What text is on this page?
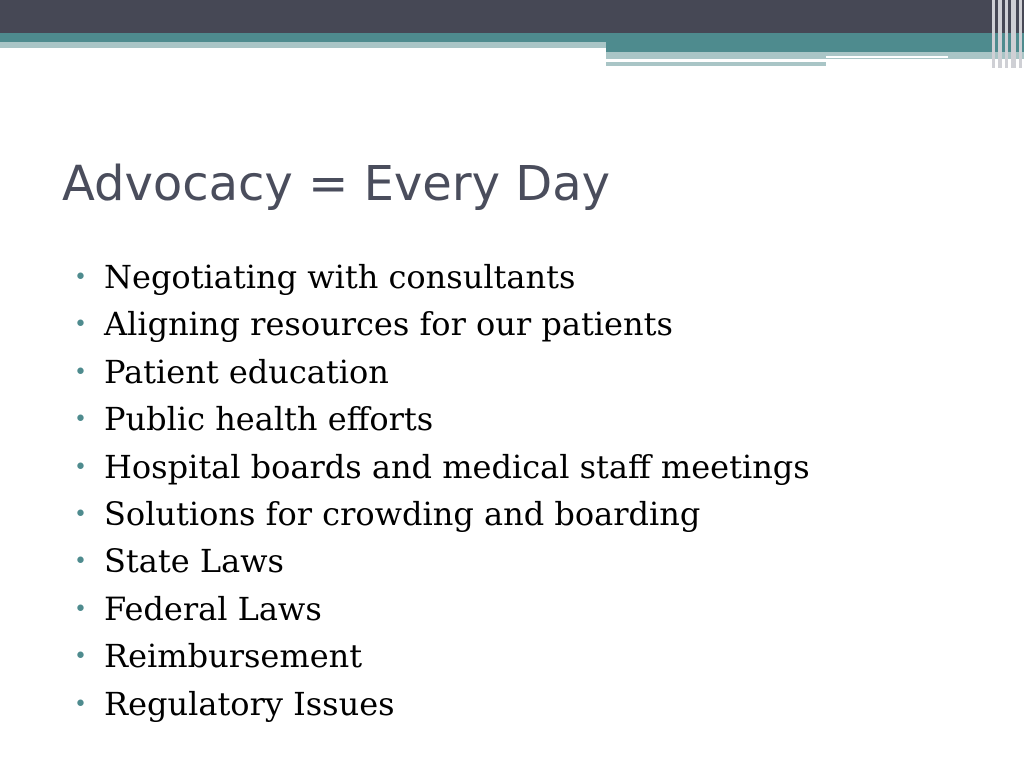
Advocacy = Every Day
• Negotiating with consultants
• Aligning resources for our patients
• Patient education
• Public health efforts
• Hospital boards and medical staff meetings
• Solutions for crowding and boarding
• State Laws
• Federal Laws
• Reimbursement
• Regulatory Issues
